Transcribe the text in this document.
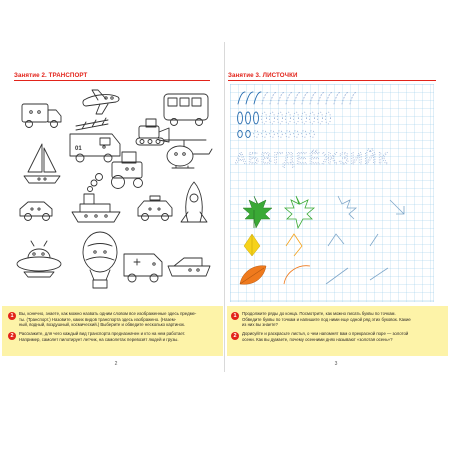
Занятие 2. ТРАНСПОРТ
01
1	Вы, конечно, знаете, как можно назвать одним словом все изображенные здесь предме-
ты. (Транспорт.) Назовите, каких видов транспорта здесь изображено. (Назем-
ный, водный, воздушный, космический.) Выберите и обведите несколько картинок.
2	Расскажите, для чего каждый вид транспорта предназначен и кто на нем работает.
Например, самолет пилотирует летчик, на самолетах перевозят людей и грузы.
2
Занятие 3. ЛИСТОЧКИ
АБВГДЕЁЖЗИЙК
1	Продолжите ряды до конца. Посмотрите, как можно писать буквы по точкам.
Обведите буквы по точкам и напишите под ними еще одной ряд этих буковок. Какие
из них вы знаете?
2	Дорисуйте и раскрасьте листья, о чем напомнят вам о прекрасной поре — золотой
осени. Как вы думаете, почему осенними днях называют «золотая осень»?
3
